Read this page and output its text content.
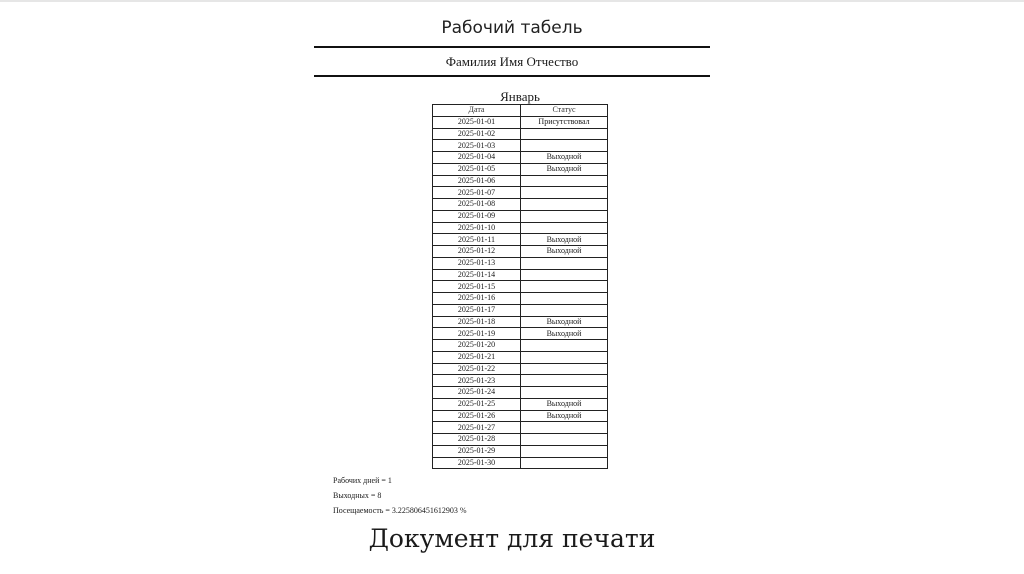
Рабочий табель
Фамилия Имя Отчество
Январь
Дата	Статус
2025-01-01	Присутствовал
2025-01-02	
2025-01-03	
2025-01-04	Выходной
2025-01-05	Выходной
2025-01-06	
2025-01-07	
2025-01-08	
2025-01-09	
2025-01-10	
2025-01-11	Выходной
2025-01-12	Выходной
2025-01-13	
2025-01-14	
2025-01-15	
2025-01-16	
2025-01-17	
2025-01-18	Выходной
2025-01-19	Выходной
2025-01-20	
2025-01-21	
2025-01-22	
2025-01-23	
2025-01-24	
2025-01-25	Выходной
2025-01-26	Выходной
2025-01-27	
2025-01-28	
2025-01-29	
2025-01-30	
Рабочих дней = 1
Выходных = 8
Посещаемость = 3.225806451612903 %
Документ для печати
